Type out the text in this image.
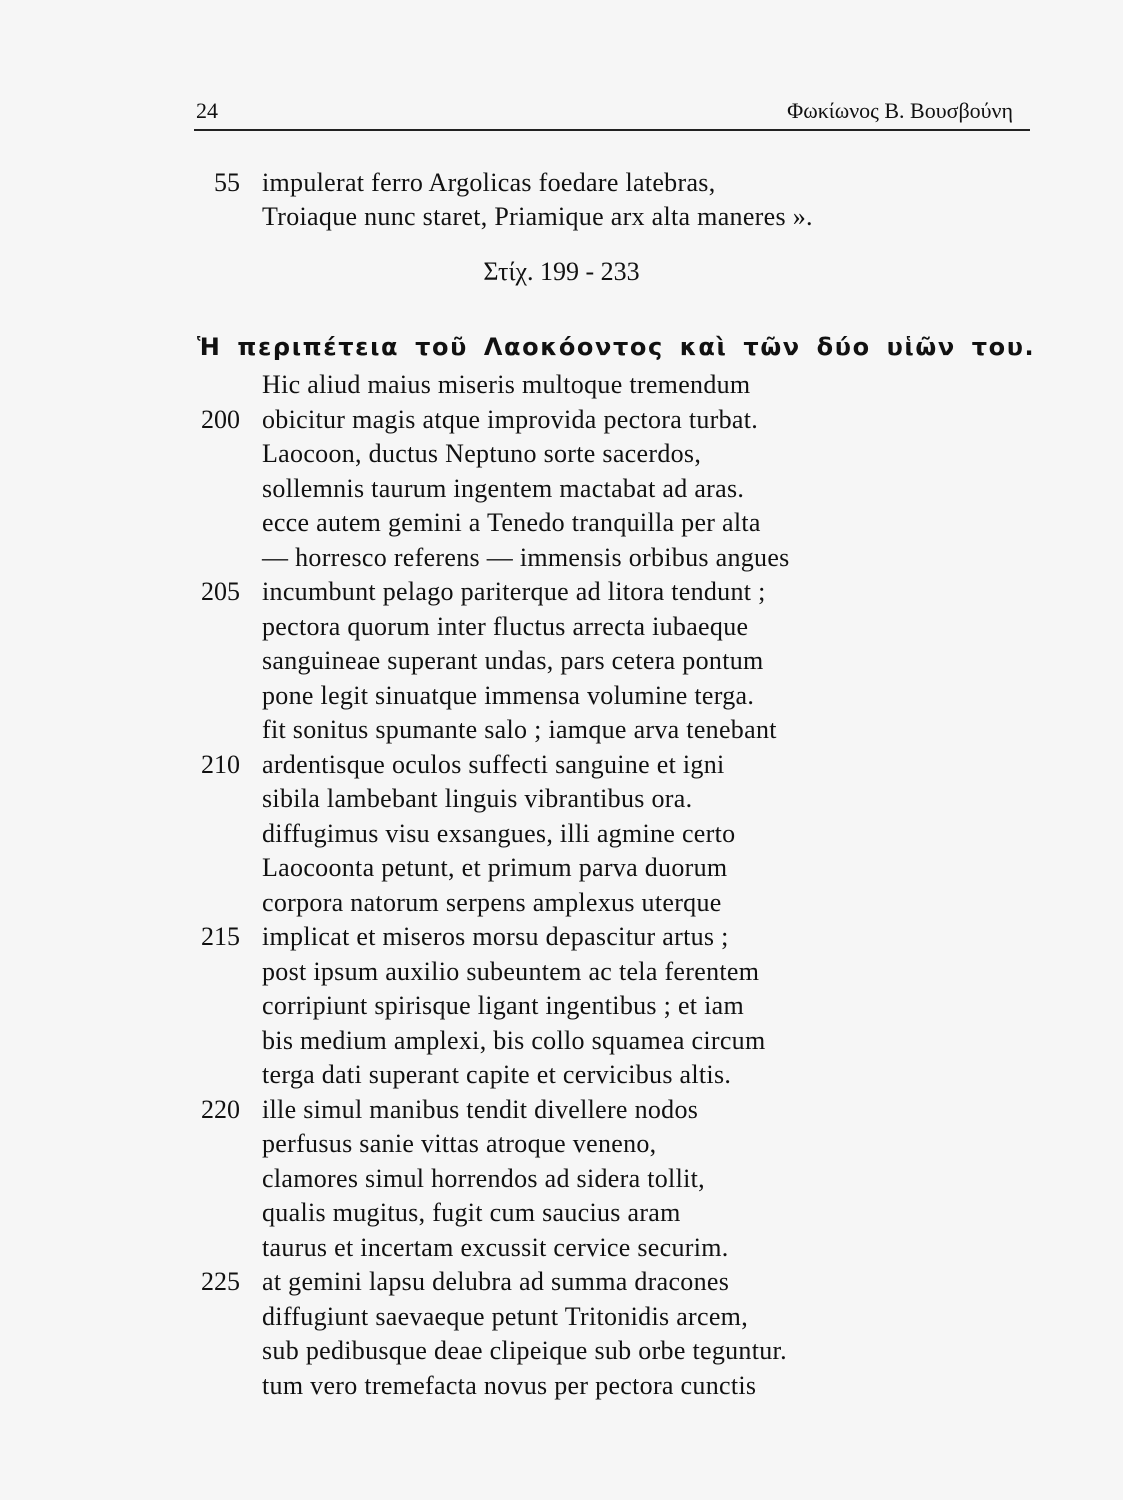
24	Φωκίωνος Β. Βουσβούνη
55 impulerat ferro Argolicas foedare latebras,
Troiaque nunc staret, Priamique arx alta maneres ».
Στίχ. 199 - 233
Ἡ περιπέτεια τοῦ Λαοκόοντος καὶ τῶν δύο υἱῶν του.
Hic aliud maius miseris multoque tremendum
200 obicitur magis atque improvida pectora turbat.
Laocoon, ductus Neptuno sorte sacerdos,
sollemnis taurum ingentem mactabat ad aras.
ecce autem gemini a Tenedo tranquilla per alta
— horresco referens — immensis orbibus angues
205 incumbunt pelago pariterque ad litora tendunt ;
pectora quorum inter fluctus arrecta iubaeque
sanguineae superant undas, pars cetera pontum
pone legit sinuatque immensa volumine terga.
fit sonitus spumante salo ; iamque arva tenebant
210 ardentisque oculos suffecti sanguine et igni
sibila lambebant linguis vibrantibus ora.
diffugimus visu exsangues, illi agmine certo
Laocoonta petunt, et primum parva duorum
corpora natorum serpens amplexus uterque
215 implicat et miseros morsu depascitur artus ;
post ipsum auxilio subeuntem ac tela ferentem
corripiunt spirisque ligant ingentibus ; et iam
bis medium amplexi, bis collo squamea circum
terga dati superant capite et cervicibus altis.
220 ille simul manibus tendit divellere nodos
perfusus sanie vittas atroque veneno,
clamores simul horrendos ad sidera tollit,
qualis mugitus, fugit cum saucius aram
taurus et incertam excussit cervice securim.
225 at gemini lapsu delubra ad summa dracones
diffugiunt saevaeque petunt Tritonidis arcem,
sub pedibusque deae clipeique sub orbe teguntur.
tum vero tremefacta novus per pectora cunctis
